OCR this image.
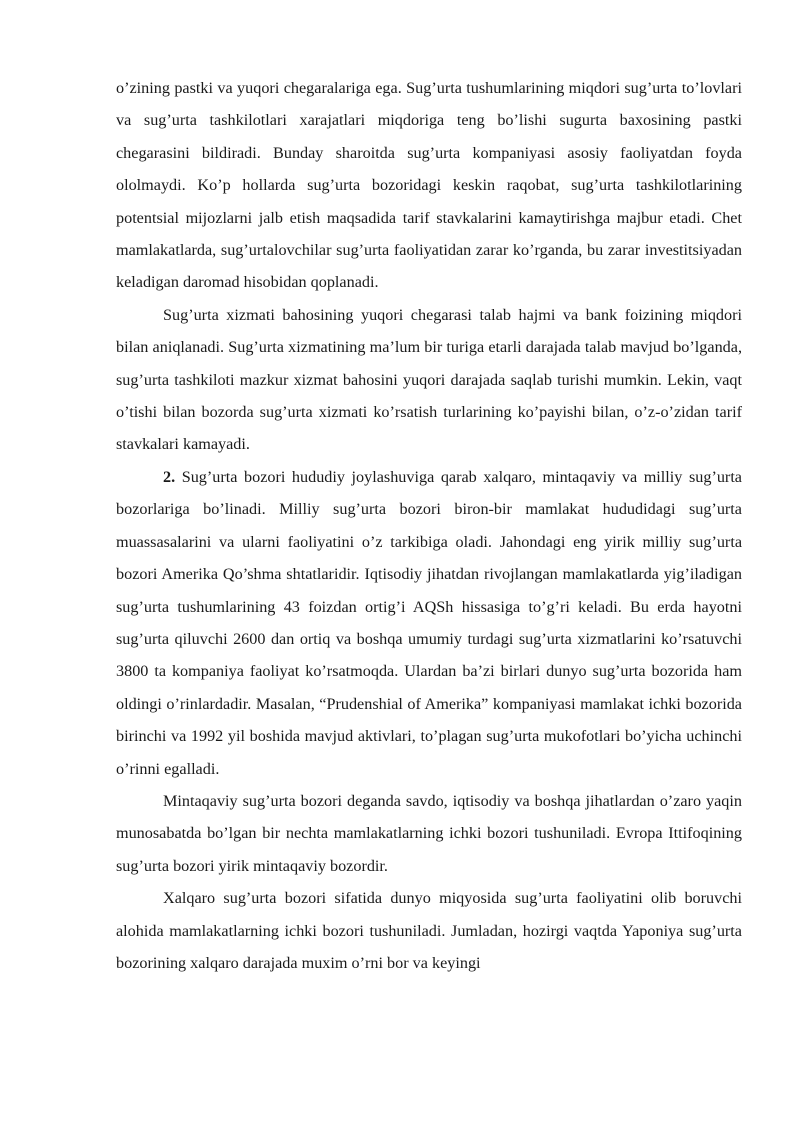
o’zining pastki va yuqori chegaralariga ega. Sug’urta tushumlarining miqdori sug’urta to’lovlari va sug’urta tashkilotlari xarajatlari miqdoriga teng bo’lishi sugurta baxosining pastki chegarasini bildiradi. Bunday sharoitda sug’urta kompaniyasi asosiy faoliyatdan foyda ololmaydi. Ko’p hollarda sug’urta bozoridagi keskin raqobat, sug’urta tashkilotlarining potentsial mijozlarni jalb etish maqsadida tarif stavkalarini kamaytirishga majbur etadi. Chet mamlakatlarda, sug’urtalovchilar sug’urta faoliyatidan zarar ko’rganda, bu zarar investitsiyadan keladigan daromad hisobidan qoplanadi.

Sug’urta xizmati bahosining yuqori chegarasi talab hajmi va bank foizining miqdori bilan aniqlanadi. Sug’urta xizmatining ma’lum bir turiga etarli darajada talab mavjud bo’lganda, sug’urta tashkiloti mazkur xizmat bahosini yuqori darajada saqlab turishi mumkin. Lekin, vaqt o’tishi bilan bozorda sug’urta xizmati ko’rsatish turlarining ko’payishi bilan, o’z-o’zidan tarif stavkalari kamayadi.

2. Sug’urta bozori hududiy joylashuviga qarab xalqaro, mintaqaviy va milliy sug’urta bozorlariga bo’linadi. Milliy sug’urta bozori biron-bir mamlakat hududidagi sug’urta muassasalarini va ularni faoliyatini o’z tarkibiga oladi. Jahondagi eng yirik milliy sug’urta bozori Amerika Qo’shma shtatlaridir. Iqtisodiy jihatdan rivojlangan mamlakatlarda yig’iladigan sug’urta tushumlarining 43 foizdan ortig’i AQSh hissasiga to’g’ri keladi. Bu erda hayotni sug’urta qiluvchi 2600 dan ortiq va boshqa umumiy turdagi sug’urta xizmatlarini ko’rsatuvchi 3800 ta kompaniya faoliyat ko’rsatmoqda. Ulardan ba’zi birlari dunyo sug’urta bozorida ham oldingi o’rinlardadir. Masalan, “Prudenshial of Amerika” kompaniyasi mamlakat ichki bozorida birinchi va 1992 yil boshida mavjud aktivlari, to’plagan sug’urta mukofotlari bo’yicha uchinchi o’rinni egalladi.

Mintaqaviy sug’urta bozori deganda savdo, iqtisodiy va boshqa jihatlardan o’zaro yaqin munosabatda bo’lgan bir nechta mamlakatlarning ichki bozori tushuniladi. Evropa Ittifoqining sug’urta bozori yirik mintaqaviy bozordir.

Xalqaro sug’urta bozori sifatida dunyo miqyosida sug’urta faoliyatini olib boruvchi alohida mamlakatlarning ichki bozori tushuniladi. Jumladan, hozirgi vaqtda Yaponiya sug’urta bozorining xalqaro darajada muxim o’rni bor va keyingi
